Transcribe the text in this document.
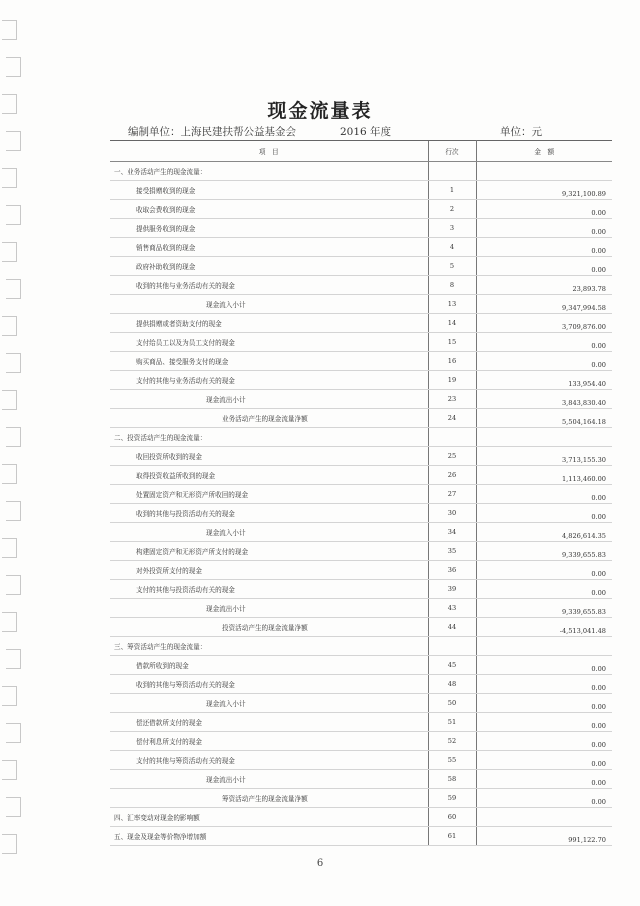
现金流量表
编制单位：上海民建扶帮公益基金会	2016 年度	单位：元
项　目	行次	金　额
一、业务活动产生的现金流量：		
接受捐赠收到的现金	1	9,321,100.89
收取会费收到的现金	2	0.00
提供服务收到的现金	3	0.00
销售商品收到的现金	4	0.00
政府补助收到的现金	5	0.00
收到的其他与业务活动有关的现金	8	23,893.78
现金流入小计	13	9,347,994.58
提供捐赠或者资助支付的现金	14	3,709,876.00
支付给员工以及为员工支付的现金	15	0.00
购买商品、接受服务支付的现金	16	0.00
支付的其他与业务活动有关的现金	19	133,954.40
现金流出小计	23	3,843,830.40
业务活动产生的现金流量净额	24	5,504,164.18
二、投资活动产生的现金流量：		
收回投资所收到的现金	25	3,713,155.30
取得投资收益所收到的现金	26	1,113,460.00
处置固定资产和无形资产所收回的现金	27	0.00
收到的其他与投资活动有关的现金	30	0.00
现金流入小计	34	4,826,614.35
构建固定资产和无形资产所支付的现金	35	9,339,655.83
对外投资所支付的现金	36	0.00
支付的其他与投资活动有关的现金	39	0.00
现金流出小计	43	9,339,655.83
投资活动产生的现金流量净额	44	-4,513,041.48
三、筹资活动产生的现金流量：		
借款所收到的现金	45	0.00
收到的其他与筹资活动有关的现金	48	0.00
现金流入小计	50	0.00
偿还借款所支付的现金	51	0.00
偿付利息所支付的现金	52	0.00
支付的其他与筹资活动有关的现金	55	0.00
现金流出小计	58	0.00
筹资活动产生的现金流量净额	59	0.00
四、汇率变动对现金的影响额	60	
五、现金及现金等价物净增加额	61	991,122.70
6
